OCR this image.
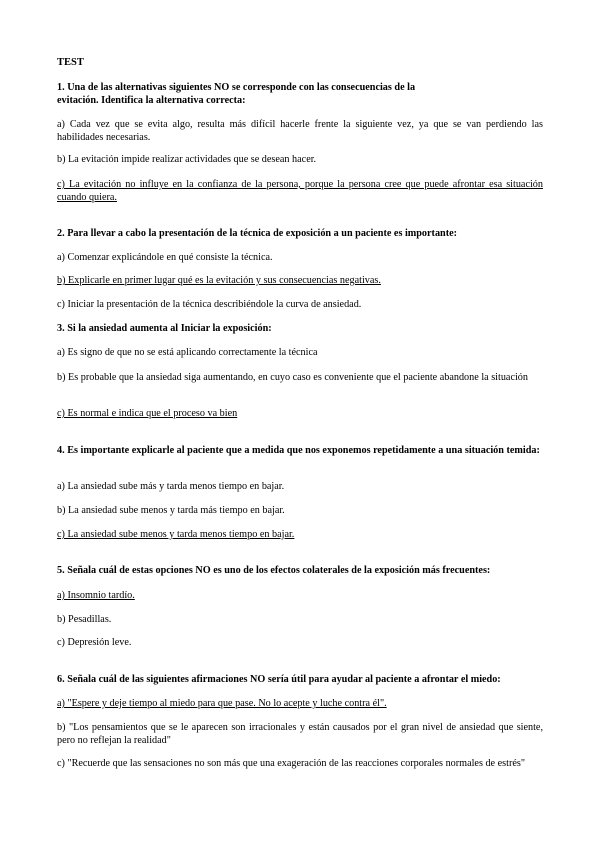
TEST

1. Una de las alternativas siguientes NO se corresponde con las consecuencias de la evitación. Identifica la alternativa correcta:

a) Cada vez que se evita algo, resulta más difícil hacerle frente la siguiente vez, ya que se van perdiendo las habilidades necesarias.

b) La evitación impide realizar actividades que se desean hacer.

c) La evitación no influye en la confianza de la persona, porque la persona cree que puede afrontar esa situación cuando quiera.

2. Para llevar a cabo la presentación de la técnica de exposición a un paciente es importante:

a) Comenzar explicándole en qué consiste la técnica.

b) Explicarle en primer lugar qué es la evitación y sus consecuencias negativas.

c) Iniciar la presentación de la técnica describiéndole la curva de ansiedad.

3. Si la ansiedad aumenta al Iniciar la exposición:

a) Es signo de que no se está aplicando correctamente la técnica

b) Es probable que la ansiedad siga aumentando, en cuyo caso es conveniente que el paciente abandone la situación

c) Es normal e indica que el proceso va bien

4. Es importante explicarle al paciente que a medida que nos exponemos repetidamente a una situación temida:

a) La ansiedad sube más y tarda menos tiempo en bajar.

b) La ansiedad sube menos y tarda más tiempo en bajar.

c) La ansiedad sube menos y tarda menos tiempo en bajar.

5. Señala cuál de estas opciones NO es uno de los efectos colaterales de la exposición más frecuentes:

a) Insomnio tardío.

b) Pesadillas.

c) Depresión leve.

6. Señala cuál de las siguientes afirmaciones NO sería útil para ayudar al paciente a afrontar el miedo:

a) "Espere y deje tiempo al miedo para que pase. No lo acepte y luche contra él".

b) "Los pensamientos que se le aparecen son irracionales y están causados por el gran nivel de ansiedad que siente, pero no reflejan la realidad"

c) "Recuerde que las sensaciones no son más que una exageración de las reacciones corporales normales de estrés"
